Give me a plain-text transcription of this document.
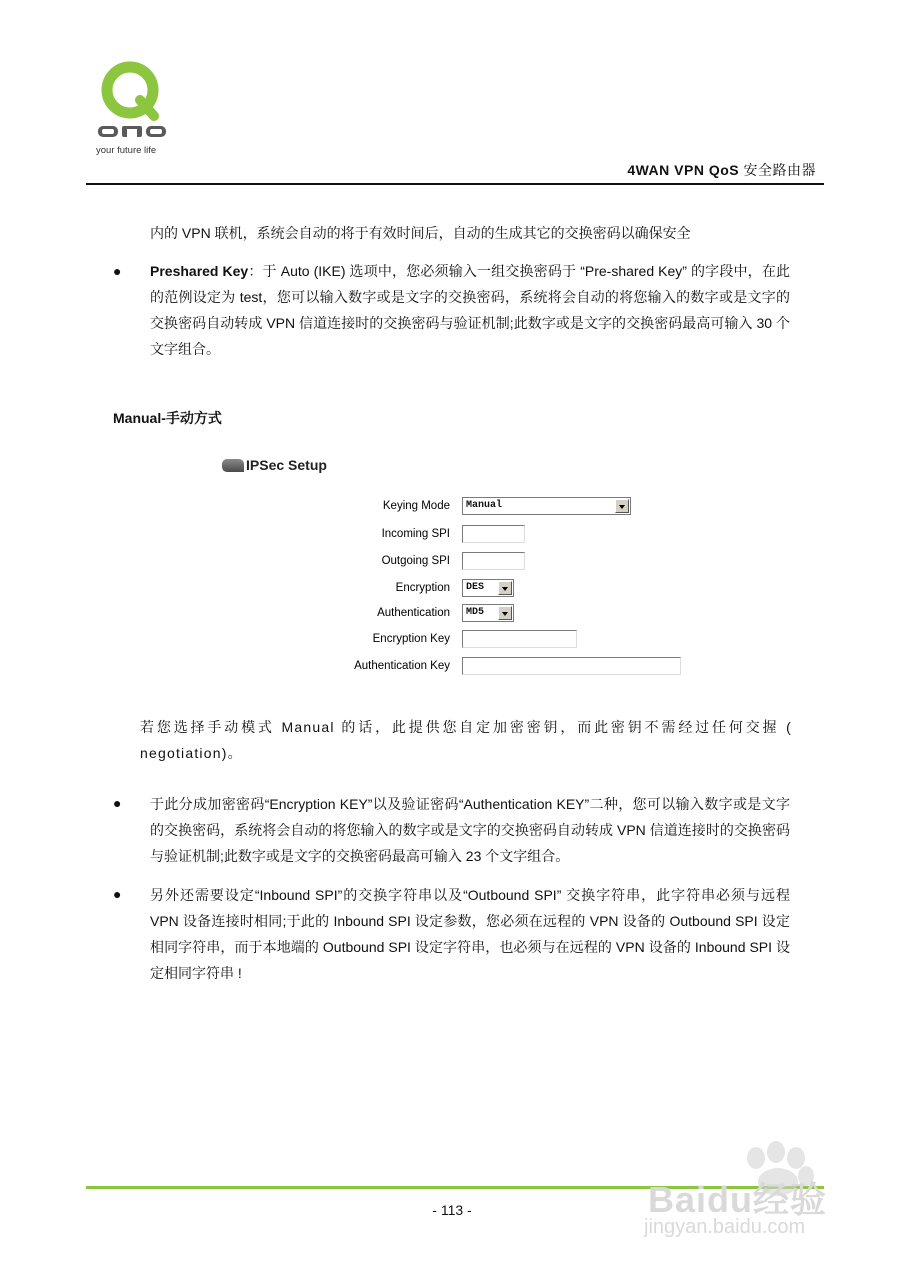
your future life
4WAN VPN QoS 安全路由器
内的 VPN 联机，系统会自动的将于有效时间后，自动的生成其它的交换密码以确保安全
●
Preshared Key：于 Auto (IKE) 选项中，您必须输入一组交换密码于 “Pre-shared Key” 的字段中，在此的范例设定为 test，您可以输入数字或是文字的交换密码，系统将会自动的将您输入的数字或是文字的交换密码自动转成 VPN 信道连接时的交换密码与验证机制;此数字或是文字的交换密码最高可输入 30 个文字组合。
Manual-手动方式
IPSec Setup
Keying Mode	Manual
Incoming SPI
Outgoing SPI
Encryption	DES
Authentication	MD5
Encryption Key
Authentication Key
若您选择手动模式 Manual 的话，此提供您自定加密密钥，而此密钥不需经过任何交握 ( negotiation)。
●
于此分成加密密码“Encryption KEY”以及验证密码“Authentication KEY”二种，您可以输入数字或是文字的交换密码，系统将会自动的将您输入的数字或是文字的交换密码自动转成 VPN 信道连接时的交换密码与验证机制;此数字或是文字的交换密码最高可输入 23 个文字组合。
●
另外还需要设定“Inbound SPI”的交换字符串以及“Outbound SPI” 交换字符串，此字符串必须与远程 VPN 设备连接时相同;于此的 Inbound SPI 设定参数，您必须在远程的 VPN 设备的 Outbound SPI 设定相同字符串，而于本地端的 Outbound SPI 设定字符串，也必须与在远程的 VPN 设备的 Inbound SPI 设定相同字符串 !
- 113 -	Baidu经验
jingyan.baidu.com
